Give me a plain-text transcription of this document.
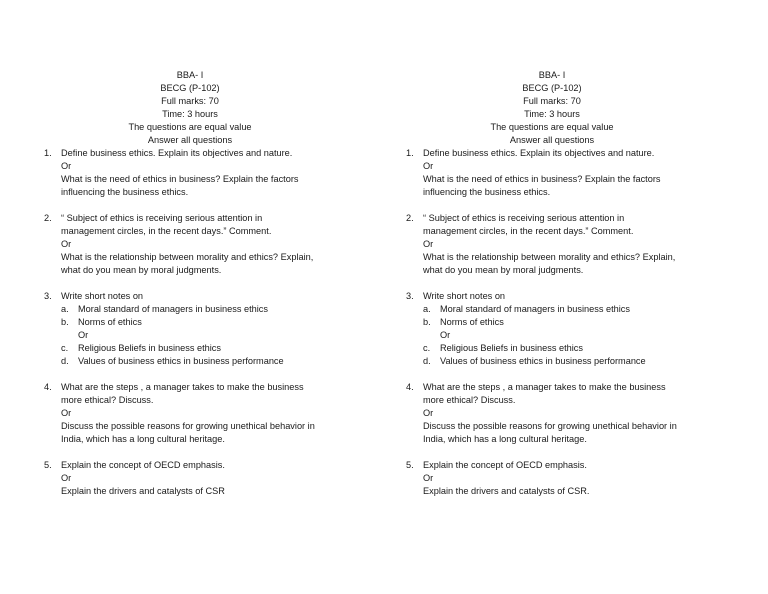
BBA- I
BECG (P-102)
Full marks: 70
Time: 3 hours
The questions are equal value
Answer all questions
1. Define business ethics. Explain its objectives and nature.
Or
What is the need of ethics in business? Explain the factors
influencing the business ethics.
2. “ Subject of ethics is receiving serious attention in
management circles, in the recent days.” Comment.
Or
What is the relationship between morality and ethics? Explain,
what do you mean by moral judgments.
3. Write short notes on
a. Moral standard of managers in business ethics
b. Norms of ethics
Or
c. Religious Beliefs in business ethics
d. Values of business ethics in business performance
4. What are the steps , a manager takes to make the business
more ethical? Discuss.
Or
Discuss the possible reasons for growing unethical behavior in
India, which has a long cultural heritage.
5. Explain the concept of OECD emphasis.
Or
Explain the drivers and catalysts of CSR
BBA- I
BECG (P-102)
Full marks: 70
Time: 3 hours
The questions are equal value
Answer all questions
1. Define business ethics. Explain its objectives and nature.
Or
What is the need of ethics in business? Explain the factors
influencing the business ethics.
2. “ Subject of ethics is receiving serious attention in
management circles, in the recent days.” Comment.
Or
What is the relationship between morality and ethics? Explain,
what do you mean by moral judgments.
3. Write short notes on
a. Moral standard of managers in business ethics
b. Norms of ethics
Or
c. Religious Beliefs in business ethics
d. Values of business ethics in business performance
4. What are the steps , a manager takes to make the business
more ethical? Discuss.
Or
Discuss the possible reasons for growing unethical behavior in
India, which has a long cultural heritage.
5. Explain the concept of OECD emphasis.
Or
Explain the drivers and catalysts of CSR.
